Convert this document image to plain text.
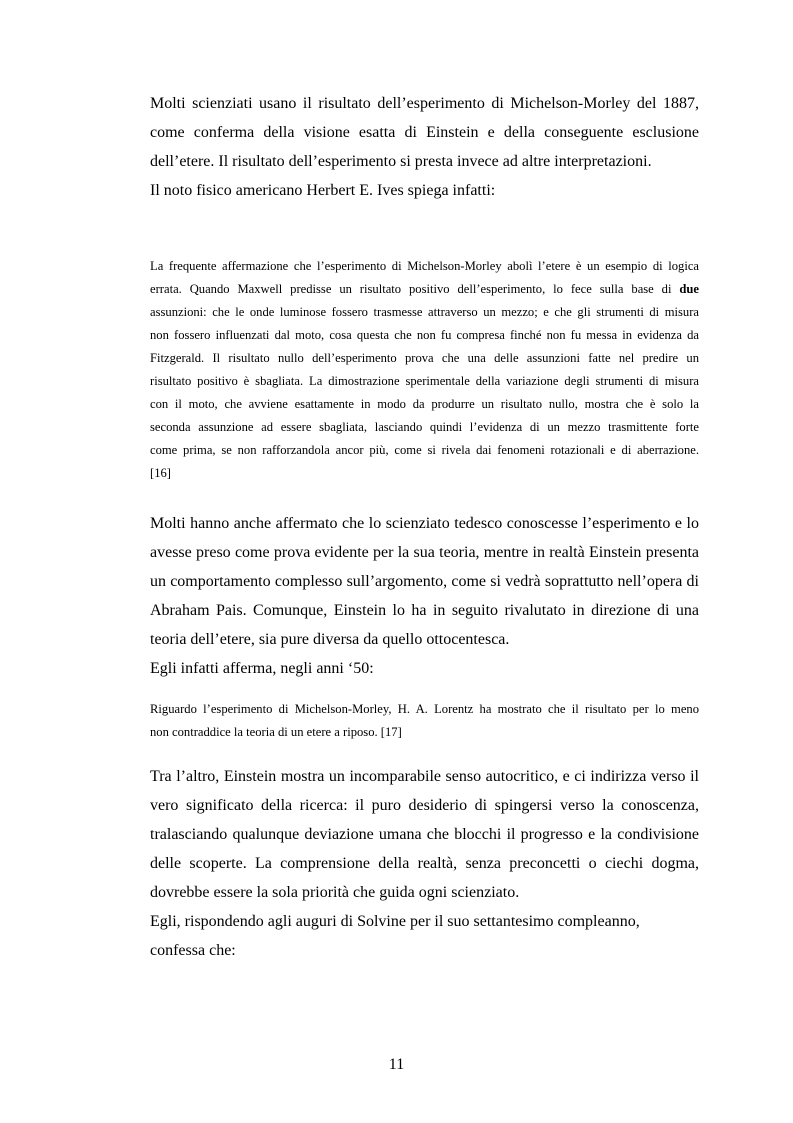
Molti scienziati usano il risultato dell’esperimento di Michelson-Morley del 1887,

come conferma della visione esatta di Einstein e della conseguente esclusione

dell’etere. Il risultato dell’esperimento si presta invece ad altre interpretazioni.

Il noto fisico americano Herbert E. Ives spiega infatti:

La frequente affermazione che l’esperimento di Michelson-Morley abolì l’etere è un esempio di logica

errata. Quando Maxwell predisse un risultato positivo dell’esperimento, lo fece sulla base di due

assunzioni: che le onde luminose fossero trasmesse attraverso un mezzo; e che gli strumenti di misura

non fossero influenzati dal moto, cosa questa che non fu compresa finché non fu messa in evidenza da

Fitzgerald. Il risultato nullo dell’esperimento prova che una delle assunzioni fatte nel predire un

risultato positivo è sbagliata. La dimostrazione sperimentale della variazione degli strumenti di misura

con il moto, che avviene esattamente in modo da produrre un risultato nullo, mostra che è solo la

seconda assunzione ad essere sbagliata, lasciando quindi l’evidenza di un mezzo trasmittente forte

come prima, se non rafforzandola ancor più, come si rivela dai fenomeni rotazionali e di aberrazione.

[16]

Molti hanno anche affermato che lo scienziato tedesco conoscesse l’esperimento e lo

avesse preso come prova evidente per la sua teoria, mentre in realtà Einstein presenta

un comportamento complesso sull’argomento, come si vedrà soprattutto nell’opera di

Abraham Pais. Comunque, Einstein lo ha in seguito rivalutato in direzione di una

teoria dell’etere, sia pure diversa da quello ottocentesca.

Egli infatti afferma, negli anni ‘50:

Riguardo l’esperimento di Michelson-Morley, H. A. Lorentz ha mostrato che il risultato per lo meno

non contraddice la teoria di un etere a riposo. [17]

Tra l’altro, Einstein mostra un incomparabile senso autocritico, e ci indirizza verso il

vero significato della ricerca: il puro desiderio di spingersi verso la conoscenza,

tralasciando qualunque deviazione umana che blocchi il progresso e la condivisione

delle scoperte. La comprensione della realtà, senza preconcetti o ciechi dogma,

dovrebbe essere la sola priorità che guida ogni scienziato.

Egli, rispondendo agli auguri di Solvine per il suo settantesimo compleanno,

confessa che:

11
